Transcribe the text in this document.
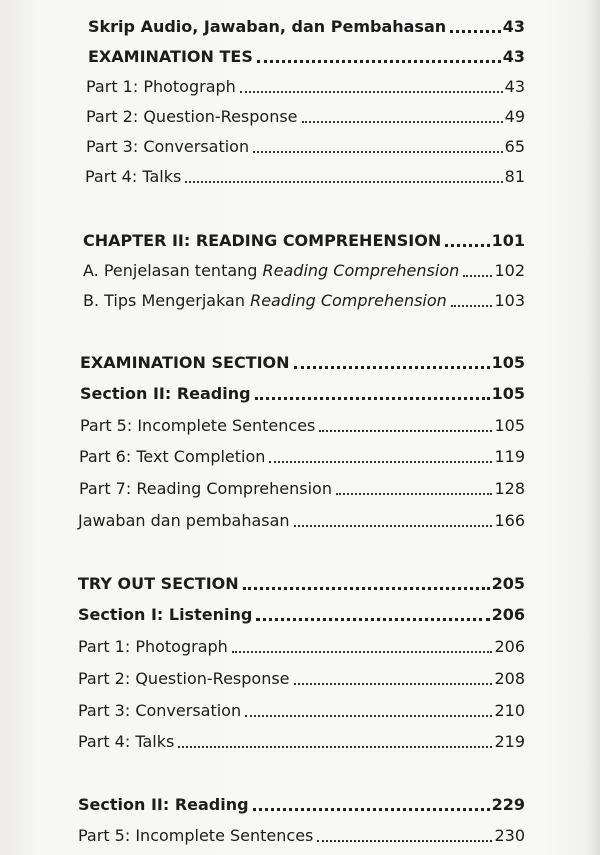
Skrip Audio, Jawaban, dan Pembahasan	43
EXAMINATION TES	43
Part 1: Photograph	43
Part 2: Question-Response	49
Part 3: Conversation	65
Part 4: Talks	81
CHAPTER II: READING COMPREHENSION	101
A. Penjelasan tentang Reading Comprehension 102
B. Tips Mengerjakan Reading Comprehension	103
EXAMINATION SECTION	105
Section II: Reading	105
Part 5: Incomplete Sentences	105
Part 6: Text Completion	119
Part 7: Reading Comprehension	128
Jawaban dan pembahasan	166
TRY OUT SECTION	205
Section I: Listening	206
Part 1: Photograph	206
Part 2: Question-Response	208
Part 3: Conversation	210
Part 4: Talks	219
Section II: Reading	229
Part 5: Incomplete Sentences	230
